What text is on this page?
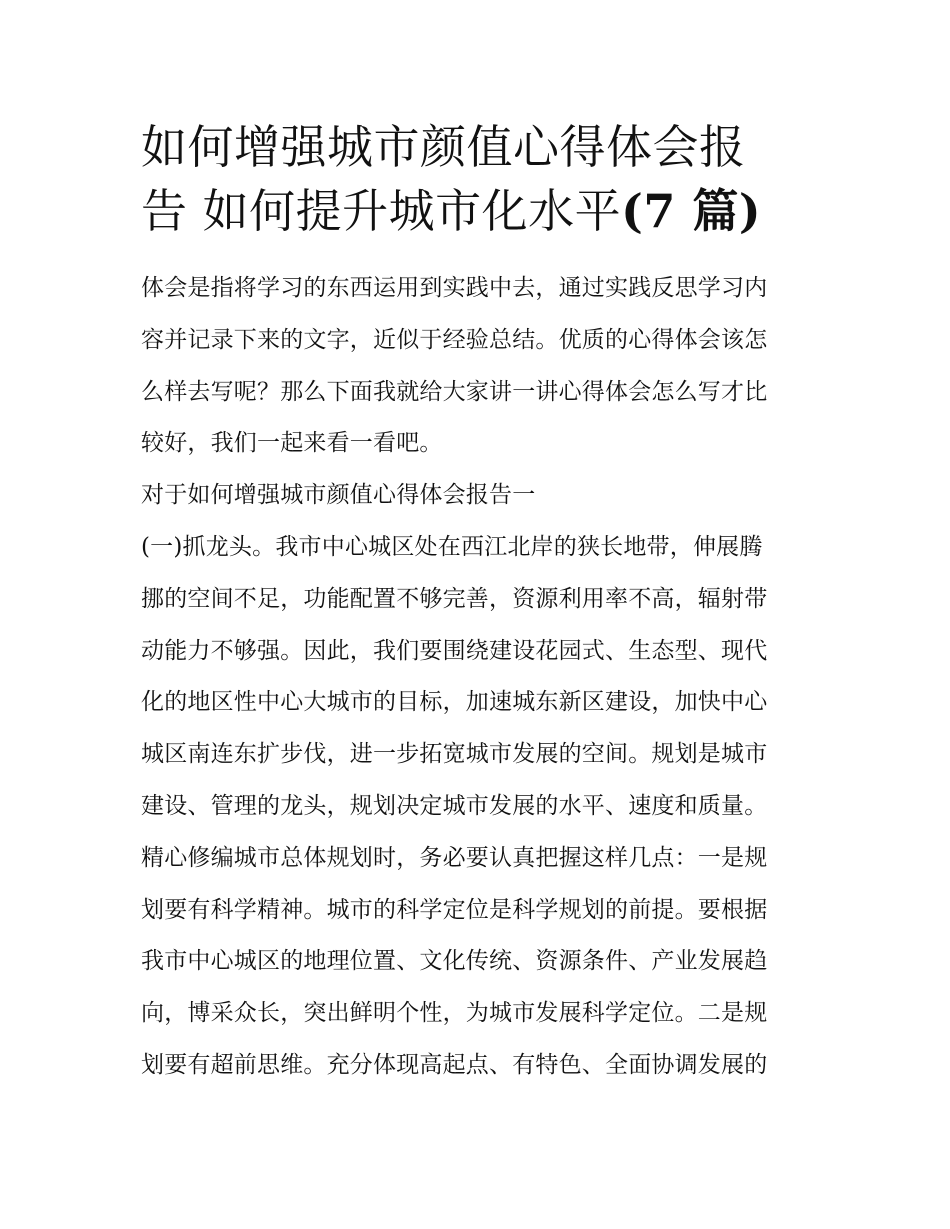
如何增强城市颜值心得体会报
告 如何提升城市化水平(7 篇)
体会是指将学习的东西运用到实践中去，通过实践反思学习内
容并记录下来的文字，近似于经验总结。优质的心得体会该怎
么样去写呢？那么下面我就给大家讲一讲心得体会怎么写才比
较好，我们一起来看一看吧。
对于如何增强城市颜值心得体会报告一
(一)抓龙头。我市中心城区处在西江北岸的狭长地带，伸展腾
挪的空间不足，功能配置不够完善，资源利用率不高，辐射带
动能力不够强。因此，我们要围绕建设花园式、生态型、现代
化的地区性中心大城市的目标，加速城东新区建设，加快中心
城区南连东扩步伐，进一步拓宽城市发展的空间。规划是城市
建设、管理的龙头，规划决定城市发展的水平、速度和质量。
精心修编城市总体规划时，务必要认真把握这样几点：一是规
划要有科学精神。城市的科学定位是科学规划的前提。要根据
我市中心城区的地理位置、文化传统、资源条件、产业发展趋
向，博采众长，突出鲜明个性，为城市发展科学定位。二是规
划要有超前思维。充分体现高起点、有特色、全面协调发展的
